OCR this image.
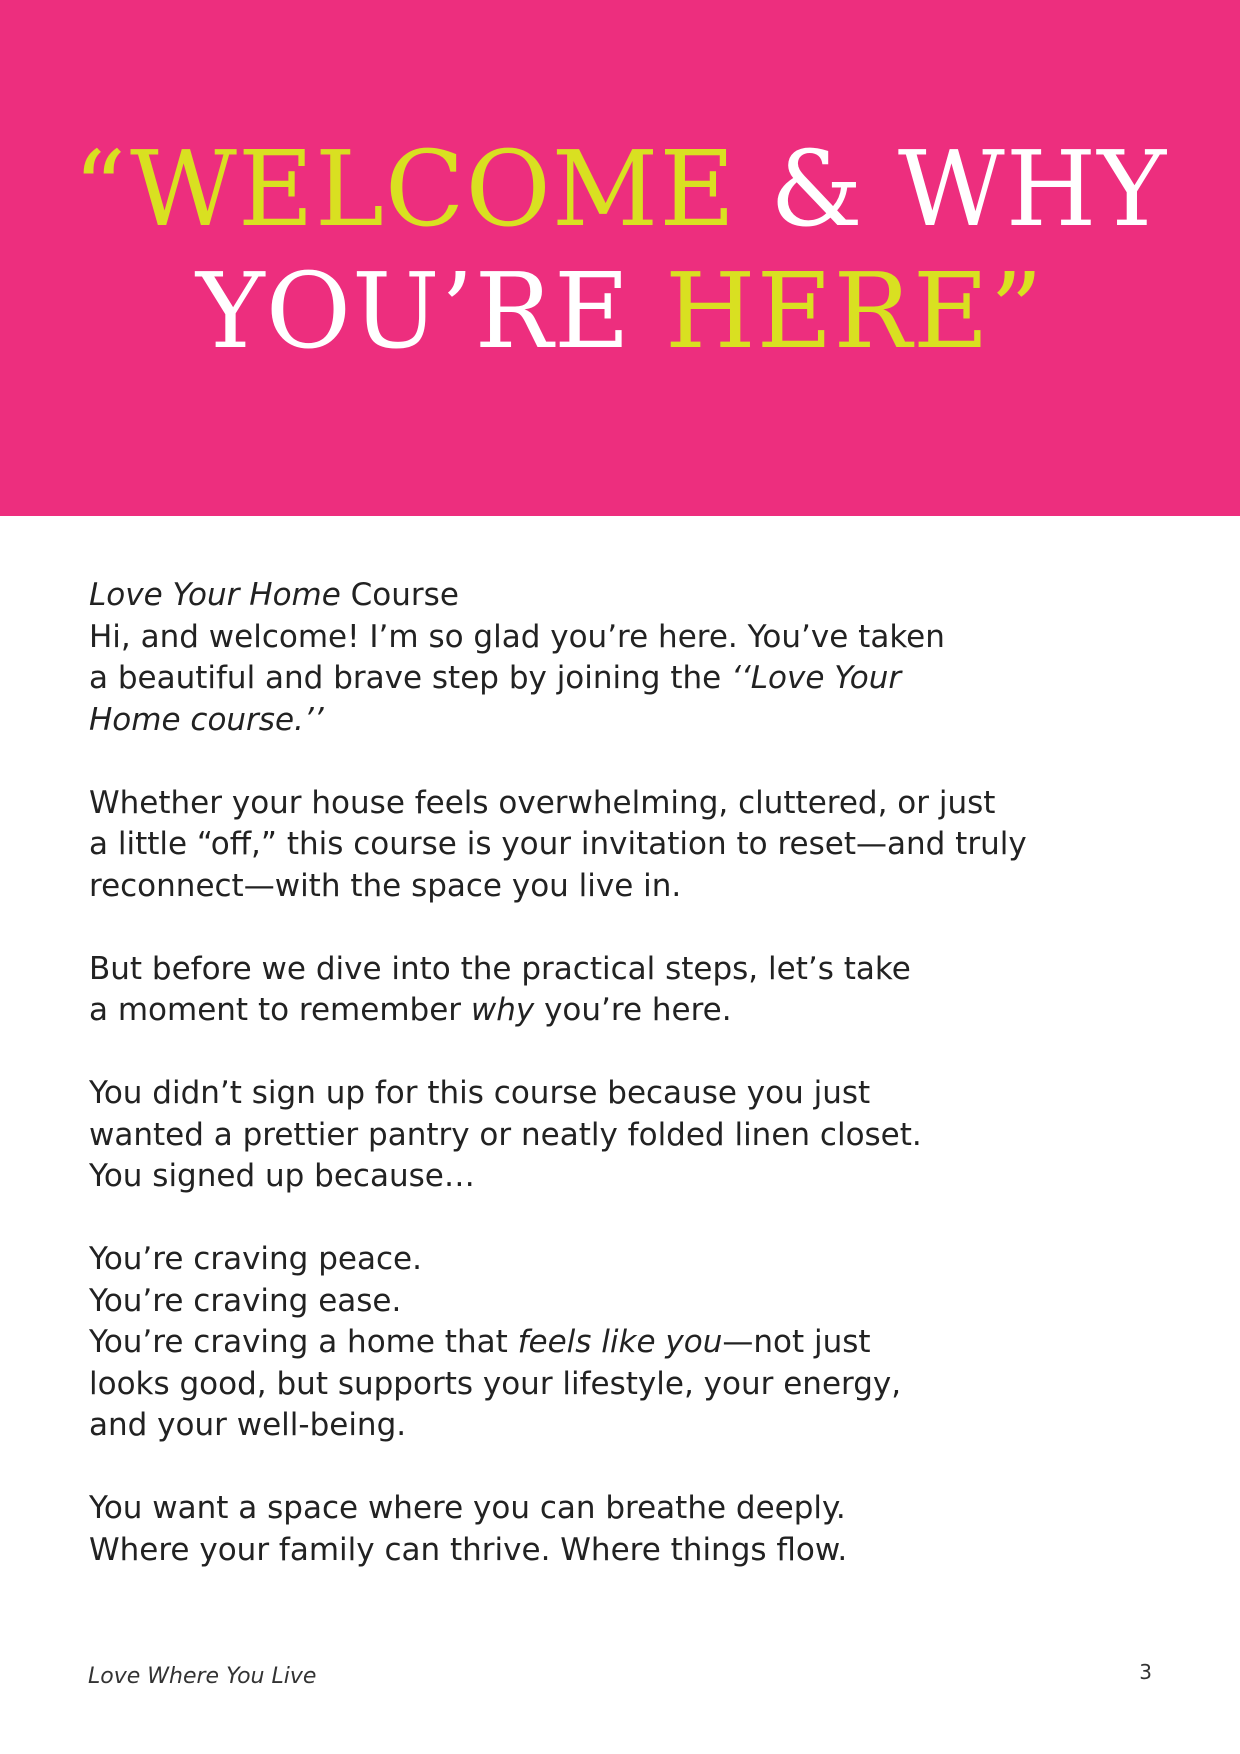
“WELCOME & WHY
YOU’RE HERE”

Love Your Home Course
Hi, and welcome! I’m so glad you’re here. You’ve taken
a beautiful and brave step by joining the ‘‘Love Your
Home course.’’

Whether your house feels overwhelming, cluttered, or just
a little “off,” this course is your invitation to reset—and truly
reconnect—with the space you live in.

But before we dive into the practical steps, let’s take
a moment to remember why you’re here.

You didn’t sign up for this course because you just
wanted a prettier pantry or neatly folded linen closet.
You signed up because…

You’re craving peace.
You’re craving ease.
You’re craving a home that feels like you—not just
looks good, but supports your lifestyle, your energy,
and your well-being.

You want a space where you can breathe deeply.
Where your family can thrive. Where things flow.

Love Where You Live	3
